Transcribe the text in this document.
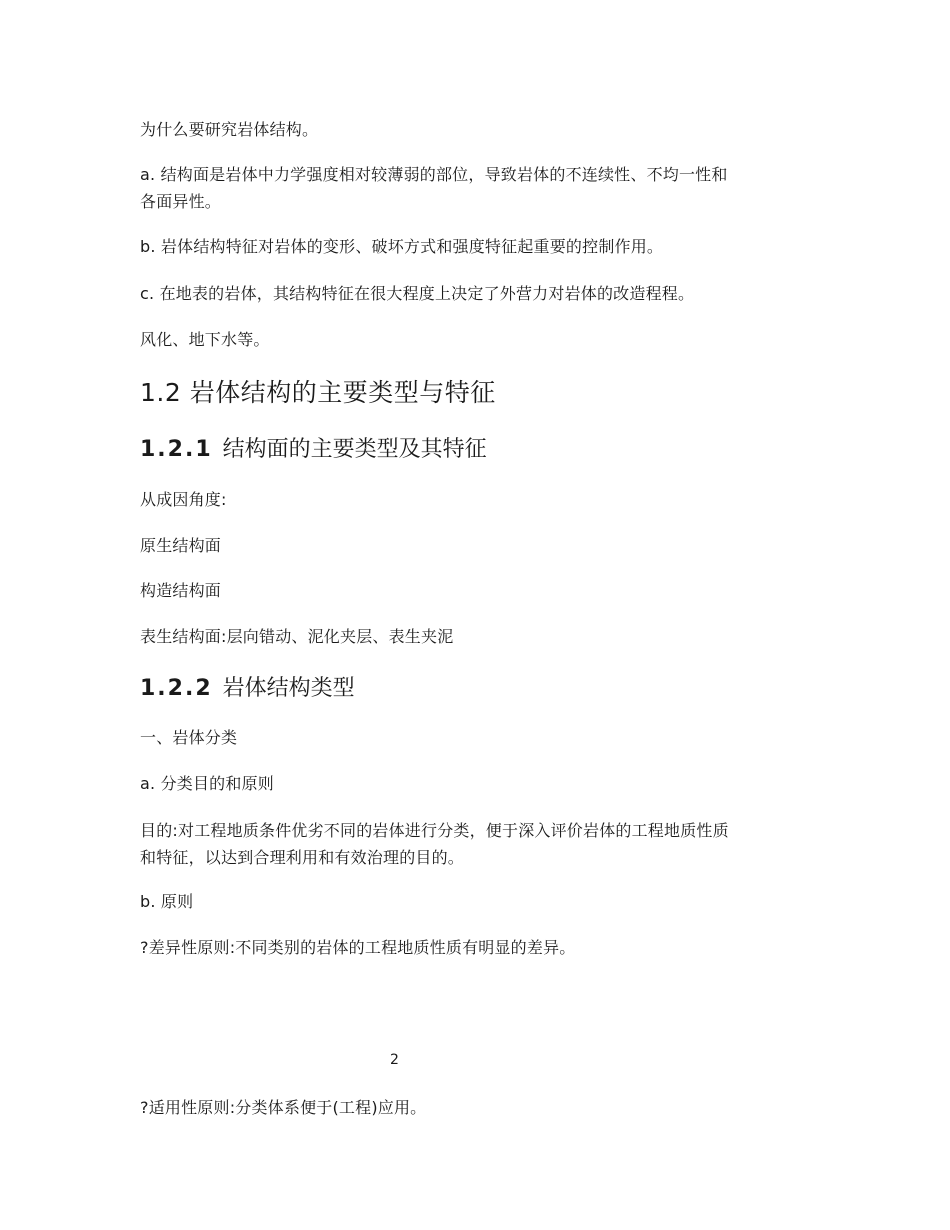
为什么要研究岩体结构。
a. 结构面是岩体中力学强度相对较薄弱的部位，导致岩体的不连续性、不均一性和
各面异性。
b. 岩体结构特征对岩体的变形、破坏方式和强度特征起重要的控制作用。
c. 在地表的岩体，其结构特征在很大程度上决定了外营力对岩体的改造程程。
风化、地下水等。
1.2 岩体结构的主要类型与特征
1.2.1 结构面的主要类型及其特征
从成因角度:
原生结构面
构造结构面
表生结构面:层向错动、泥化夹层、表生夹泥
1.2.2 岩体结构类型
一、岩体分类
a. 分类目的和原则
目的:对工程地质条件优劣不同的岩体进行分类，便于深入评价岩体的工程地质性质
和特征，以达到合理利用和有效治理的目的。
b. 原则
?差异性原则:不同类别的岩体的工程地质性质有明显的差异。
2
?适用性原则:分类体系便于(工程)应用。
